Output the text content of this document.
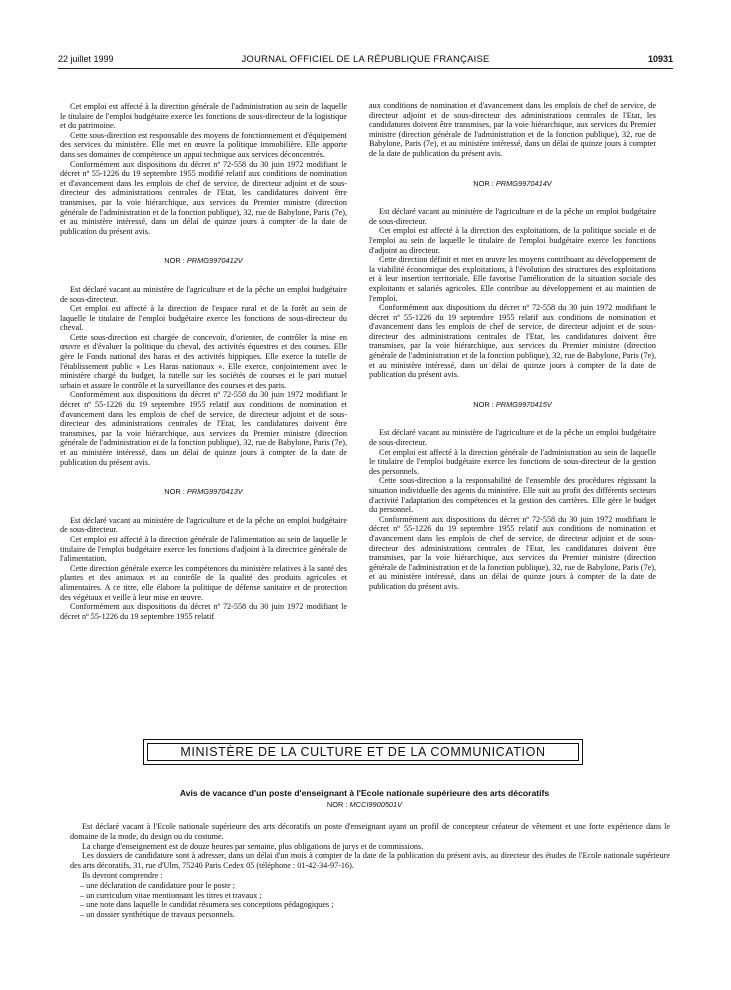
22 juillet 1999	JOURNAL OFFICIEL DE LA RÉPUBLIQUE FRANÇAISE	10931

Cet emploi est affecté à la direction générale de l'administration au sein de laquelle le titulaire de l'emploi budgétaire exerce les fonctions de sous-directeur de la logistique et du patrimoine.

Cette sous-direction est responsable des moyens de fonctionnement et d'équipement des services du ministère. Elle met en œuvre la politique immobilière. Elle apporte dans ses domaines de compétence un appui technique aux services déconcentrés.

Conformément aux dispositions du décret nº 72-558 du 30 juin 1972 modifiant le décret nº 55-1226 du 19 septembre 1955 modifié relatif aux conditions de nomination et d'avancement dans les emplois de chef de service, de directeur adjoint et de sous-directeur des administrations centrales de l'Etat, les candidatures doivent être transmises, par la voie hiérarchique, aux services du Premier ministre (direction générale de l'administration et de la fonction publique), 32, rue de Babylone, Paris (7e), et au ministère intéressé, dans un délai de quinze jours à compter de la date de publication du présent avis.

NOR : PRMG9970412V

Est déclaré vacant au ministère de l'agriculture et de la pêche un emploi budgétaire de sous-directeur.

Cet emploi est affecté à la direction de l'espace rural et de la forêt au sein de laquelle le titulaire de l'emploi budgétaire exerce les fonctions de sous-directeur du cheval.

Cette sous-direction est chargée de concevoir, d'orienter, de contrôler la mise en œuvre et d'évaluer la politique du cheval, des activités équestres et des courses. Elle gère le Fonds national des haras et des activités hippiques. Elle exerce la tutelle de l'établissement public « Les Haras nationaux ». Elle exerce, conjointement avec le ministère chargé du budget, la tutelle sur les sociétés de courses et le pari mutuel urbain et assure le contrôle et la surveillance des courses et des paris.

Conformément aux dispositions du décret nº 72-558 du 30 juin 1972 modifiant le décret nº 55-1226 du 19 septembre 1955 relatif aux conditions de nomination et d'avancement dans les emplois de chef de service, de directeur adjoint et de sous-directeur des administrations centrales de l'Etat, les candidatures doivent être transmises, par la voie hiérarchique, aux services du Premier ministre (direction générale de l'administration et de la fonction publique), 32, rue de Babylone, Paris (7e), et au ministère intéressé, dans un délai de quinze jours à compter de la date de publication du présent avis.

NOR : PRMG9970413V

Est déclaré vacant au ministère de l'agriculture et de la pêche un emploi budgétaire de sous-directeur.

Cet emploi est affecté à la direction générale de l'alimentation au sein de laquelle le titulaire de l'emploi budgétaire exerce les fonctions d'adjoint à la directrice générale de l'alimentation.

Cette direction générale exerce les compétences du ministère relatives à la santé des plantes et des animaux et au contrôle de la qualité des produits agricoles et alimentaires. A ce titre, elle élabore la politique de défense sanitaire et de protection des végétaux et veille à leur mise en œuvre.

Conformément aux dispositions du décret nº 72-558 du 30 juin 1972 modifiant le décret nº 55-1226 du 19 septembre 1955 relatif

aux conditions de nomination et d'avancement dans les emplois de chef de service, de directeur adjoint et de sous-directeur des administrations centrales de l'Etat, les candidatures doivent être transmises, par la voie hiérarchique, aux services du Premier ministre (direction générale de l'administration et de la fonction publique), 32, rue de Babylone, Paris (7e), et au ministère intéressé, dans un délai de quinze jours à compter de la date de publication du présent avis.

NOR : PRMG9970414V

Est déclaré vacant au ministère de l'agriculture et de la pêche un emploi budgétaire de sous-directeur.

Cet emploi est affecté à la direction des exploitations, de la politique sociale et de l'emploi au sein de laquelle le titulaire de l'emploi budgétaire exerce les fonctions d'adjoint au directeur.

Cette direction définit et met en œuvre les moyens contribuant au développement de la viabilité économique des exploitations, à l'évolution des structures des exploitations et à leur insertion territoriale. Elle favorise l'amélioration de la situation sociale des exploitants et salariés agricoles. Elle contribue au développement et au maintien de l'emploi.

Conformément aux dispositions du décret nº 72-558 du 30 juin 1972 modifiant le décret nº 55-1226 du 19 septembre 1955 relatif aux conditions de nomination et d'avancement dans les emplois de chef de service, de directeur adjoint et de sous-directeur des administrations centrales de l'Etat, les candidatures doivent être transmises, par la voie hiérarchique, aux services du Premier ministre (direction générale de l'administration et de la fonction publique), 32, rue de Babylone, Paris (7e), et au ministère intéressé, dans un délai de quinze jours à compter de la date de publication du présent avis.

NOR : PRMG9970415V

Est déclaré vacant au ministère de l'agriculture et de la pêche un emploi budgétaire de sous-directeur.

Cet emploi est affecté à la direction générale de l'administration au sein de laquelle le titulaire de l'emploi budgétaire exerce les fonctions de sous-directeur de la gestion des personnels.

Cette sous-direction a la responsabilité de l'ensemble des procédures régissant la situation individuelle des agents du ministère. Elle suit au profit des différents secteurs d'activité l'adaptation des compétences et la gestion des carrières. Elle gère le budget du personnel.

Conformément aux dispositions du décret nº 72-558 du 30 juin 1972 modifiant le décret nº 55-1226 du 19 septembre 1955 relatif aux conditions de nomination et d'avancement dans les emplois de chef de service, de directeur adjoint et de sous-directeur des administrations centrales de l'Etat, les candidatures doivent être transmises, par la voie hiérarchique, aux services du Premier ministre (direction générale de l'administration et de la fonction publique), 32, rue de Babylone, Paris (7e), et au ministère intéressé, dans un délai de quinze jours à compter de la date de publication du présent avis.

MINISTÈRE DE LA CULTURE ET DE LA COMMUNICATION
Avis de vacance d'un poste d'enseignant à l'Ecole nationale supérieure des arts décoratifs
NOR : MCCI9900501V

Est déclaré vacant à l'Ecole nationale supérieure des arts décoratifs un poste d'enseignant ayant un profil de concepteur créateur de vêtement et une forte expérience dans le domaine de la mode, du design ou du costume.

La charge d'enseignement est de douze heures par semaine, plus obligations de jurys et de commissions.

Les dossiers de candidature sont à adresser, dans un délai d'un mois à compter de la date de la publication du présent avis, au directeur des études de l'Ecole nationale supérieure des arts décoratifs, 31, rue d'Ulm, 75240 Paris Cedex 05 (téléphone : 01-42-34-97-16).

Ils devront comprendre :

– une déclaration de candidature pour le poste ;

– un curriculum vitae mentionnant les titres et travaux ;

– une note dans laquelle le candidat résumera ses conceptions pédagogiques ;

– un dossier synthétique de travaux personnels.
